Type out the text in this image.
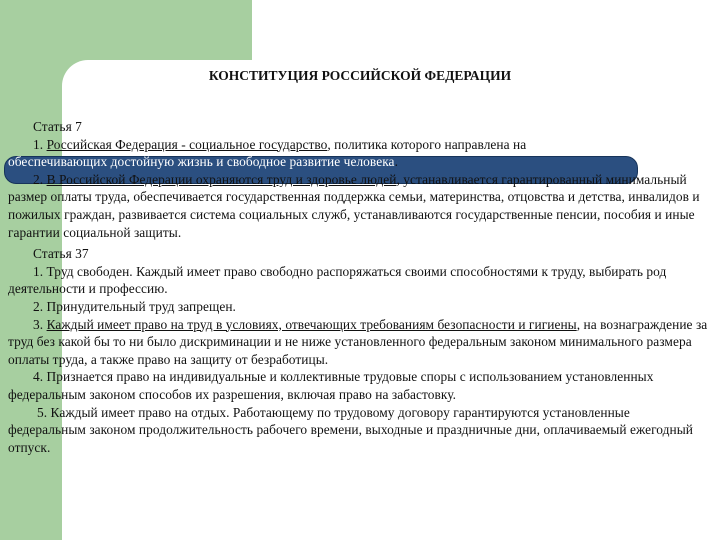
КОНСТИТУЦИЯ РОССИЙСКОЙ ФЕДЕРАЦИИ

Статья 7

1. Российская Федерация - социальное государство, политика которого направлена на создание условий, обеспечивающих достойную жизнь и свободное развитие человека.

2. В Российской Федерации охраняются труд и здоровье людей, устанавливается гарантированный минимальный размер оплаты труда, обеспечивается государственная поддержка семьи, материнства, отцовства и детства, инвалидов и пожилых граждан, развивается система социальных служб, устанавливаются государственные пенсии, пособия и иные гарантии социальной защиты.

Статья 37

1. Труд свободен. Каждый имеет право свободно распоряжаться своими способностями к труду, выбирать род деятельности и профессию.

2. Принудительный труд запрещен.

3. Каждый имеет право на труд в условиях, отвечающих требованиям безопасности и гигиены, на вознаграждение за труд без какой бы то ни было дискриминации и не ниже установленного федеральным законом минимального размера оплаты труда, а также право на защиту от безработицы.

4. Признается право на индивидуальные и коллективные трудовые споры с использованием установленных федеральным законом способов их разрешения, включая право на забастовку.

5. Каждый имеет право на отдых. Работающему по трудовому договору гарантируются установленные федеральным законом продолжительность рабочего времени, выходные и праздничные дни, оплачиваемый ежегодный отпуск.
